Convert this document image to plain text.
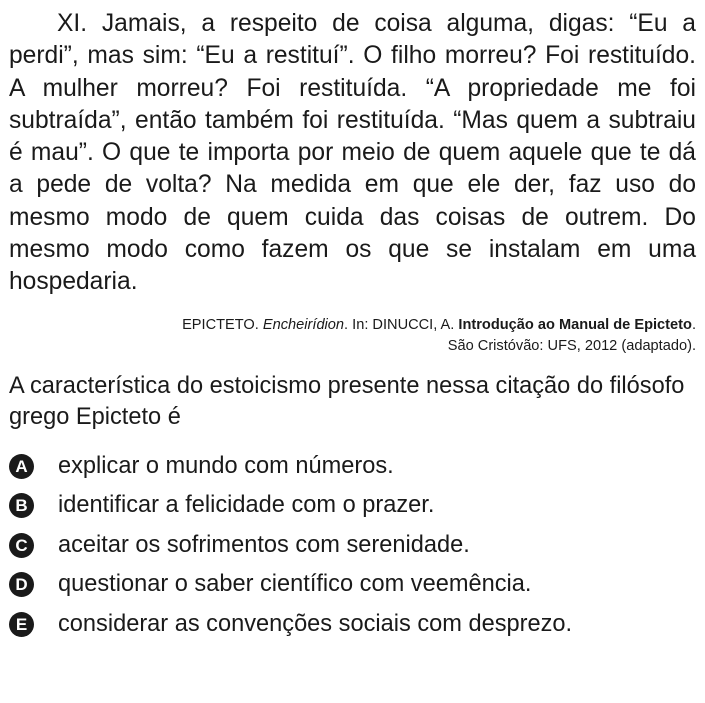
XI. Jamais, a respeito de coisa alguma, digas: “Eu a perdi”, mas sim: “Eu a restituí”. O filho morreu? Foi restituído. A mulher morreu? Foi restituída. “A propriedade me foi subtraída”, então também foi restituída. “Mas quem a subtraiu é mau”. O que te importa por meio de quem aquele que te dá a pede de volta? Na medida em que ele der, faz uso do mesmo modo de quem cuida das coisas de outrem. Do mesmo modo como fazem os que se instalam em uma hospedaria.

EPICTETO. Encheirídion. In: DINUCCI, A. Introdução ao Manual de Epicteto.
São Cristóvão: UFS, 2012 (adaptado).

A característica do estoicismo presente nessa citação do filósofo grego Epicteto é

A explicar o mundo com números.
B identificar a felicidade com o prazer.
C aceitar os sofrimentos com serenidade.
D questionar o saber científico com veemência.
E considerar as convenções sociais com desprezo.
